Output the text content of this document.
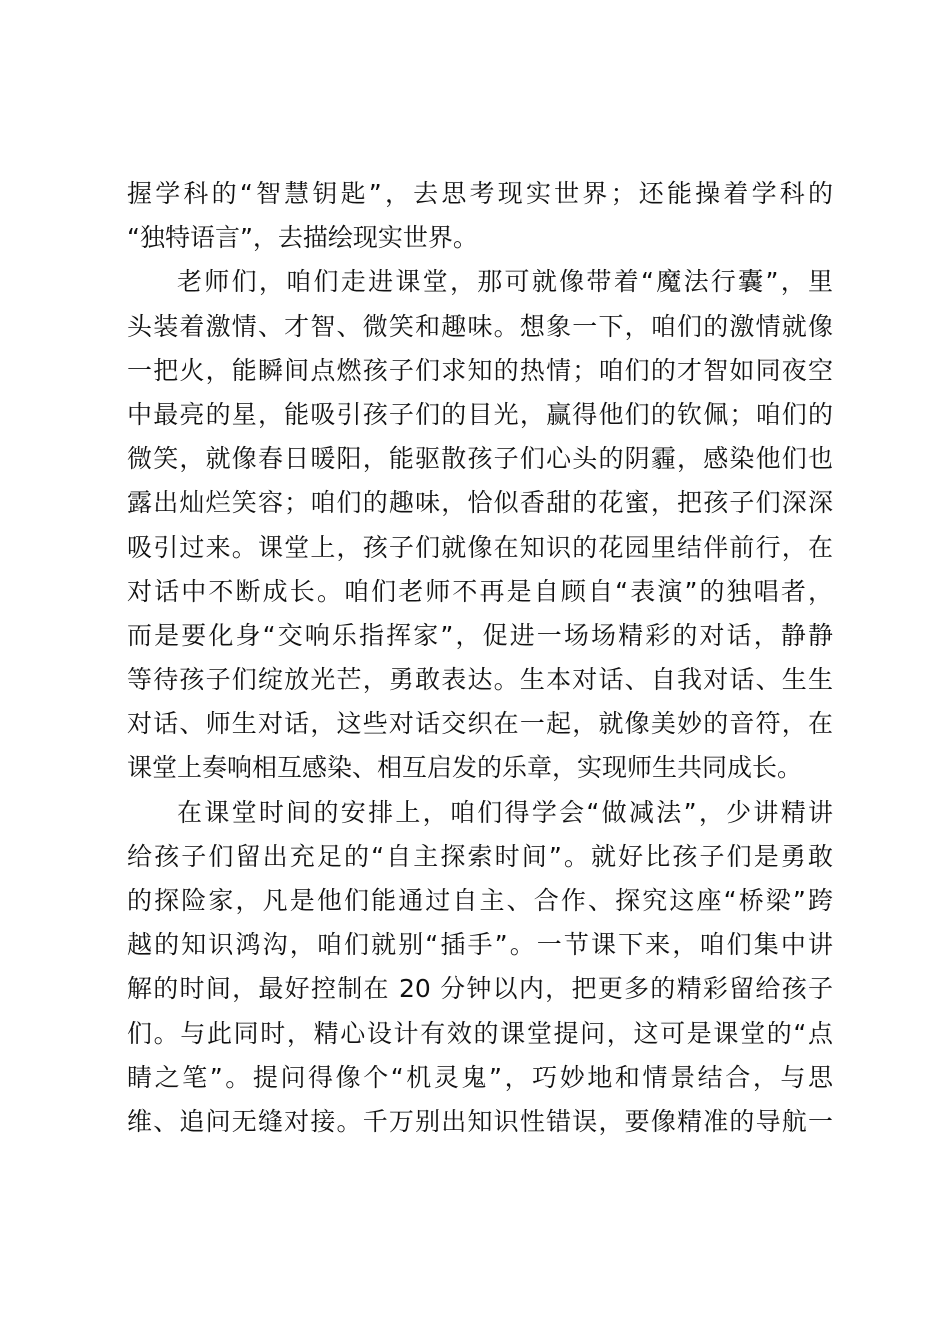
握学科的“智慧钥匙”，去思考现实世界；还能操着学科的
“独特语言”，去描绘现实世界。
老师们，咱们走进课堂，那可就像带着“魔法行囊”，里
头装着激情、才智、微笑和趣味。想象一下，咱们的激情就像
一把火，能瞬间点燃孩子们求知的热情；咱们的才智如同夜空
中最亮的星，能吸引孩子们的目光，赢得他们的钦佩；咱们的
微笑，就像春日暖阳，能驱散孩子们心头的阴霾，感染他们也
露出灿烂笑容；咱们的趣味，恰似香甜的花蜜，把孩子们深深
吸引过来。课堂上，孩子们就像在知识的花园里结伴前行，在
对话中不断成长。咱们老师不再是自顾自“表演”的独唱者，
而是要化身“交响乐指挥家”，促进一场场精彩的对话，静静
等待孩子们绽放光芒，勇敢表达。生本对话、自我对话、生生
对话、师生对话，这些对话交织在一起，就像美妙的音符，在
课堂上奏响相互感染、相互启发的乐章，实现师生共同成长。
在课堂时间的安排上，咱们得学会“做减法”，少讲精讲
给孩子们留出充足的“自主探索时间”。就好比孩子们是勇敢
的探险家，凡是他们能通过自主、合作、探究这座“桥梁”跨
越的知识鸿沟，咱们就别“插手”。一节课下来，咱们集中讲
解的时间，最好控制在 20 分钟以内，把更多的精彩留给孩子
们。与此同时，精心设计有效的课堂提问，这可是课堂的“点
睛之笔”。提问得像个“机灵鬼”，巧妙地和情景结合，与思
维、追问无缝对接。千万别出知识性错误，要像精准的导航一
